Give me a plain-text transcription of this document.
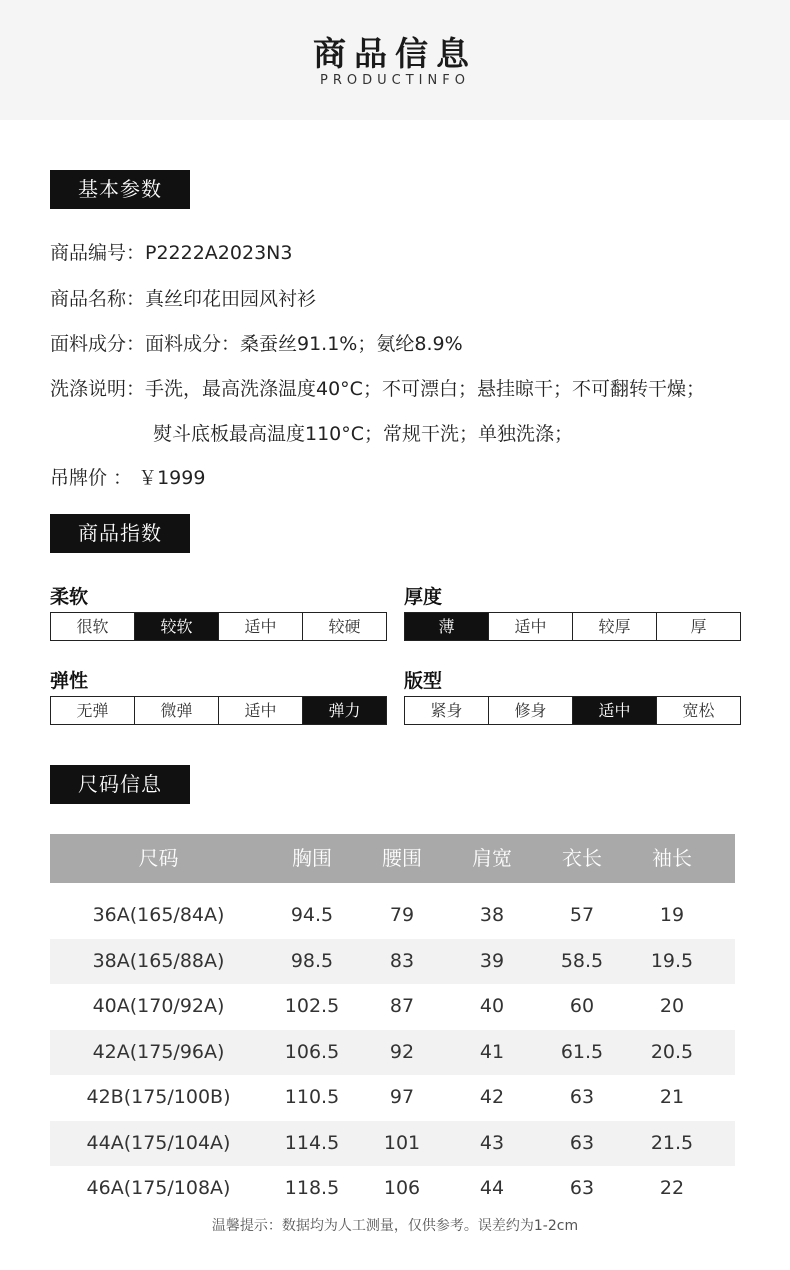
商品信息
PRODUCTINFO
基本参数
商品编号：P2222A2023N3
商品名称：真丝印花田园风衬衫
面料成分：面料成分：桑蚕丝91.1%；氨纶8.9%
洗涤说明：手洗，最高洗涤温度40°C；不可漂白；悬挂晾干；不可翻转干燥；
熨斗底板最高温度110°C；常规干洗；单独洗涤；
吊牌价 ： ￥1999
商品指数
柔软
很软	较软	适中	较硬
厚度
薄	适中	较厚	厚
弹性
无弹	微弹	适中	弹力
版型
紧身	修身	适中	宽松
尺码信息
尺码	胸围	腰围	肩宽	衣长	袖长
36A(165/84A)	94.5	79	38	57	19
38A(165/88A)	98.5	83	39	58.5	19.5
40A(170/92A)	102.5	87	40	60	20
42A(175/96A)	106.5	92	41	61.5	20.5
42B(175/100B)	110.5	97	42	63	21
44A(175/104A)	114.5	101	43	63	21.5
46A(175/108A)	118.5	106	44	63	22
温馨提示：数据均为人工测量，仅供参考。误差约为1-2cm
